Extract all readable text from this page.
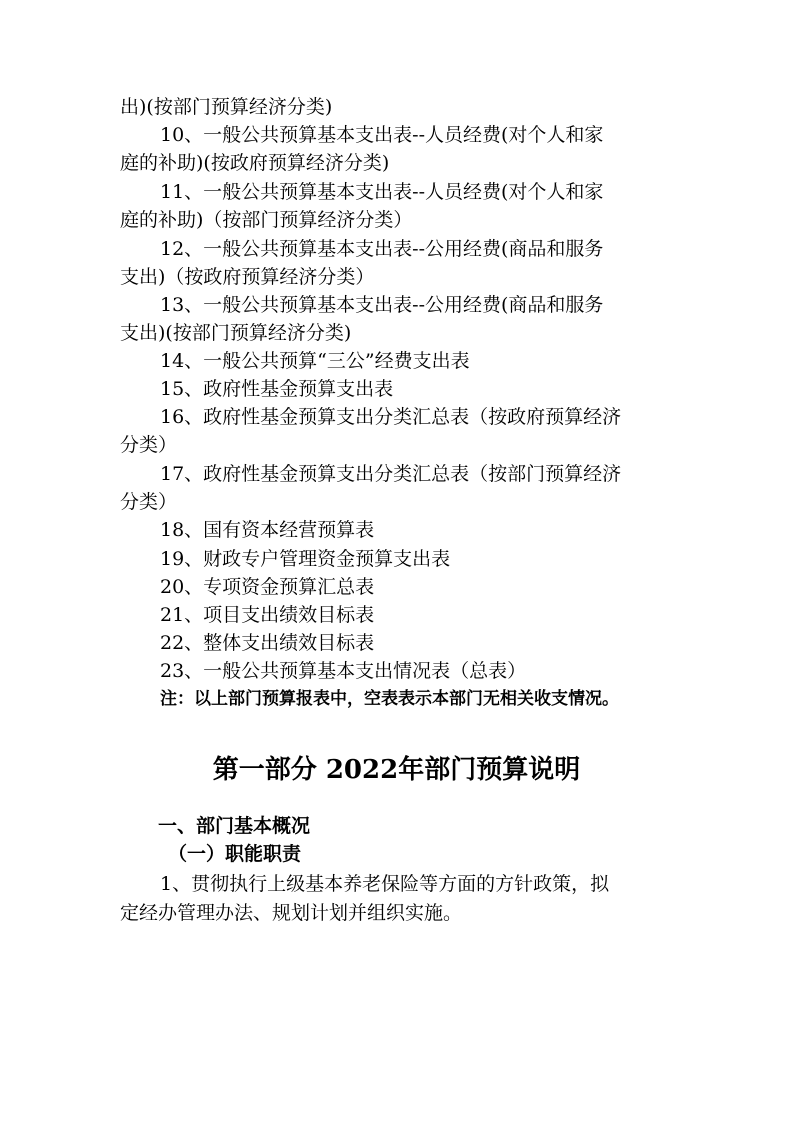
出)(按部门预算经济分类)
10、一般公共预算基本支出表--人员经费(对个人和家
庭的补助)(按政府预算经济分类)
11、一般公共预算基本支出表--人员经费(对个人和家
庭的补助)（按部门预算经济分类）
12、一般公共预算基本支出表--公用经费(商品和服务
支出)（按政府预算经济分类）
13、一般公共预算基本支出表--公用经费(商品和服务
支出)(按部门预算经济分类)
14、一般公共预算“三公”经费支出表
15、政府性基金预算支出表
16、政府性基金预算支出分类汇总表（按政府预算经济
分类）
17、政府性基金预算支出分类汇总表（按部门预算经济
分类）
18、国有资本经营预算表
19、财政专户管理资金预算支出表
20、专项资金预算汇总表
21、项目支出绩效目标表
22、整体支出绩效目标表
23、一般公共预算基本支出情况表（总表）
注：以上部门预算报表中，空表表示本部门无相关收支情况。
第一部分 2022年部门预算说明
一、部门基本概况
（一）职能职责
1、贯彻执行上级基本养老保险等方面的方针政策，拟
定经办管理办法、规划计划并组织实施。
